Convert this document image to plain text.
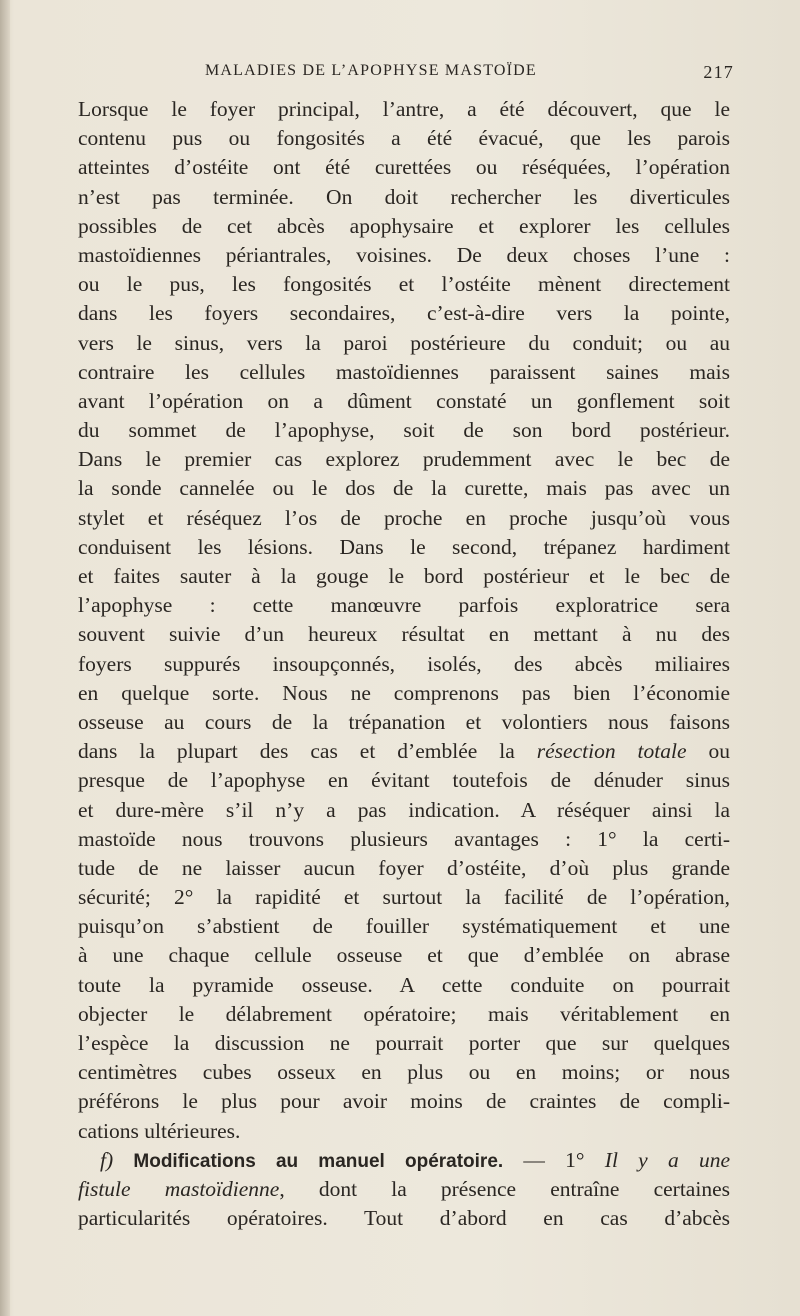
MALADIES DE L’APOPHYSE MASTOÏDE	217
Lorsque le foyer principal, l’antre, a été découvert, que le
contenu pus ou fongosités a été évacué, que les parois
atteintes d’ostéite ont été curettées ou réséquées, l’opération
n’est pas terminée. On doit rechercher les diverticules
possibles de cet abcès apophysaire et explorer les cellules
mastoïdiennes périantrales, voisines. De deux choses l’une :
ou le pus, les fongosités et l’ostéite mènent directement
dans les foyers secondaires, c’est-à-dire vers la pointe,
vers le sinus, vers la paroi postérieure du conduit; ou au
contraire les cellules mastoïdiennes paraissent saines mais
avant l’opération on a dûment constaté un gonflement soit
du sommet de l’apophyse, soit de son bord postérieur.
Dans le premier cas explorez prudemment avec le bec de
la sonde cannelée ou le dos de la curette, mais pas avec un
stylet et réséquez l’os de proche en proche jusqu’où vous
conduisent les lésions. Dans le second, trépanez hardiment
et faites sauter à la gouge le bord postérieur et le bec de
l’apophyse : cette manœuvre parfois exploratrice sera
souvent suivie d’un heureux résultat en mettant à nu des
foyers suppurés insoupçonnés, isolés, des abcès miliaires
en quelque sorte. Nous ne comprenons pas bien l’économie
osseuse au cours de la trépanation et volontiers nous faisons
dans la plupart des cas et d’emblée la résection totale ou
presque de l’apophyse en évitant toutefois de dénuder sinus
et dure-mère s’il n’y a pas indication. A réséquer ainsi la
mastoïde nous trouvons plusieurs avantages : 1° la certi-
tude de ne laisser aucun foyer d’ostéite, d’où plus grande
sécurité; 2° la rapidité et surtout la facilité de l’opération,
puisqu’on s’abstient de fouiller systématiquement et une
à une chaque cellule osseuse et que d’emblée on abrase
toute la pyramide osseuse. A cette conduite on pourrait
objecter le délabrement opératoire; mais véritablement en
l’espèce la discussion ne pourrait porter que sur quelques
centimètres cubes osseux en plus ou en moins; or nous
préférons le plus pour avoir moins de craintes de compli-
cations ultérieures.
f) Modifications au manuel opératoire. — 1° Il y a une
fistule mastoïdienne, dont la présence entraîne certaines
particularités opératoires. Tout d’abord en cas d’abcès
